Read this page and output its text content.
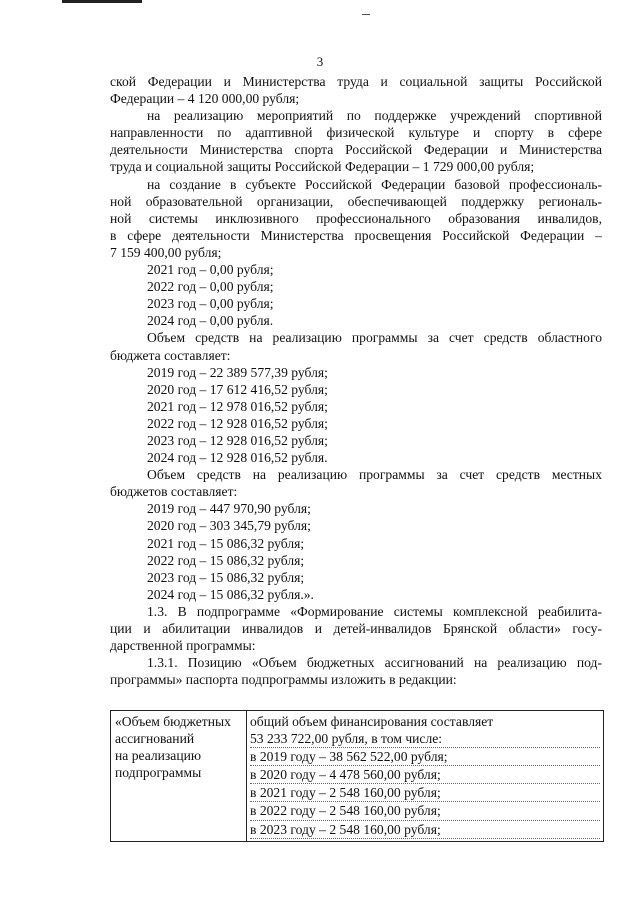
3
ской Федерации и Министерства труда и социальной защиты Российской
Федерации – 4 120 000,00 рубля;
на реализацию мероприятий по поддержке учреждений спортивной
направленности по адаптивной физической культуре и спорту в сфере
деятельности Министерства спорта Российской Федерации и Министерства
труда и социальной защиты Российской Федерации – 1 729 000,00 рубля;
на создание в субъекте Российской Федерации базовой профессиональ-
ной образовательной организации, обеспечивающей поддержку региональ-
ной системы инклюзивного профессионального образования инвалидов,
в сфере деятельности Министерства просвещения Российской Федерации –
7 159 400,00 рубля;
2021 год – 0,00 рубля;
2022 год – 0,00 рубля;
2023 год – 0,00 рубля;
2024 год – 0,00 рубля.
Объем средств на реализацию программы за счет средств областного
бюджета составляет:
2019 год – 22 389 577,39 рубля;
2020 год – 17 612 416,52 рубля;
2021 год – 12 978 016,52 рубля;
2022 год – 12 928 016,52 рубля;
2023 год – 12 928 016,52 рубля;
2024 год – 12 928 016,52 рубля.
Объем средств на реализацию программы за счет средств местных
бюджетов составляет:
2019 год – 447 970,90 рубля;
2020 год – 303 345,79 рубля;
2021 год – 15 086,32 рубля;
2022 год – 15 086,32 рубля;
2023 год – 15 086,32 рубля;
2024 год – 15 086,32 рубля.».
1.3. В подпрограмме «Формирование системы комплексной реабилита-
ции и абилитации инвалидов и детей-инвалидов Брянской области» госу-
дарственной программы:
1.3.1. Позицию «Объем бюджетных ассигнований на реализацию под-
программы» паспорта подпрограммы изложить в редакции:
«Объем бюджетных
ассигнований
на реализацию
подпрограммы
общий объем финансирования составляет
53 233 722,00 рубля, в том числе:
в 2019 году – 38 562 522,00 рубля;
в 2020 году – 4 478 560,00 рубля;
в 2021 году – 2 548 160,00 рубля;
в 2022 году – 2 548 160,00 рубля;
в 2023 году – 2 548 160,00 рубля;
